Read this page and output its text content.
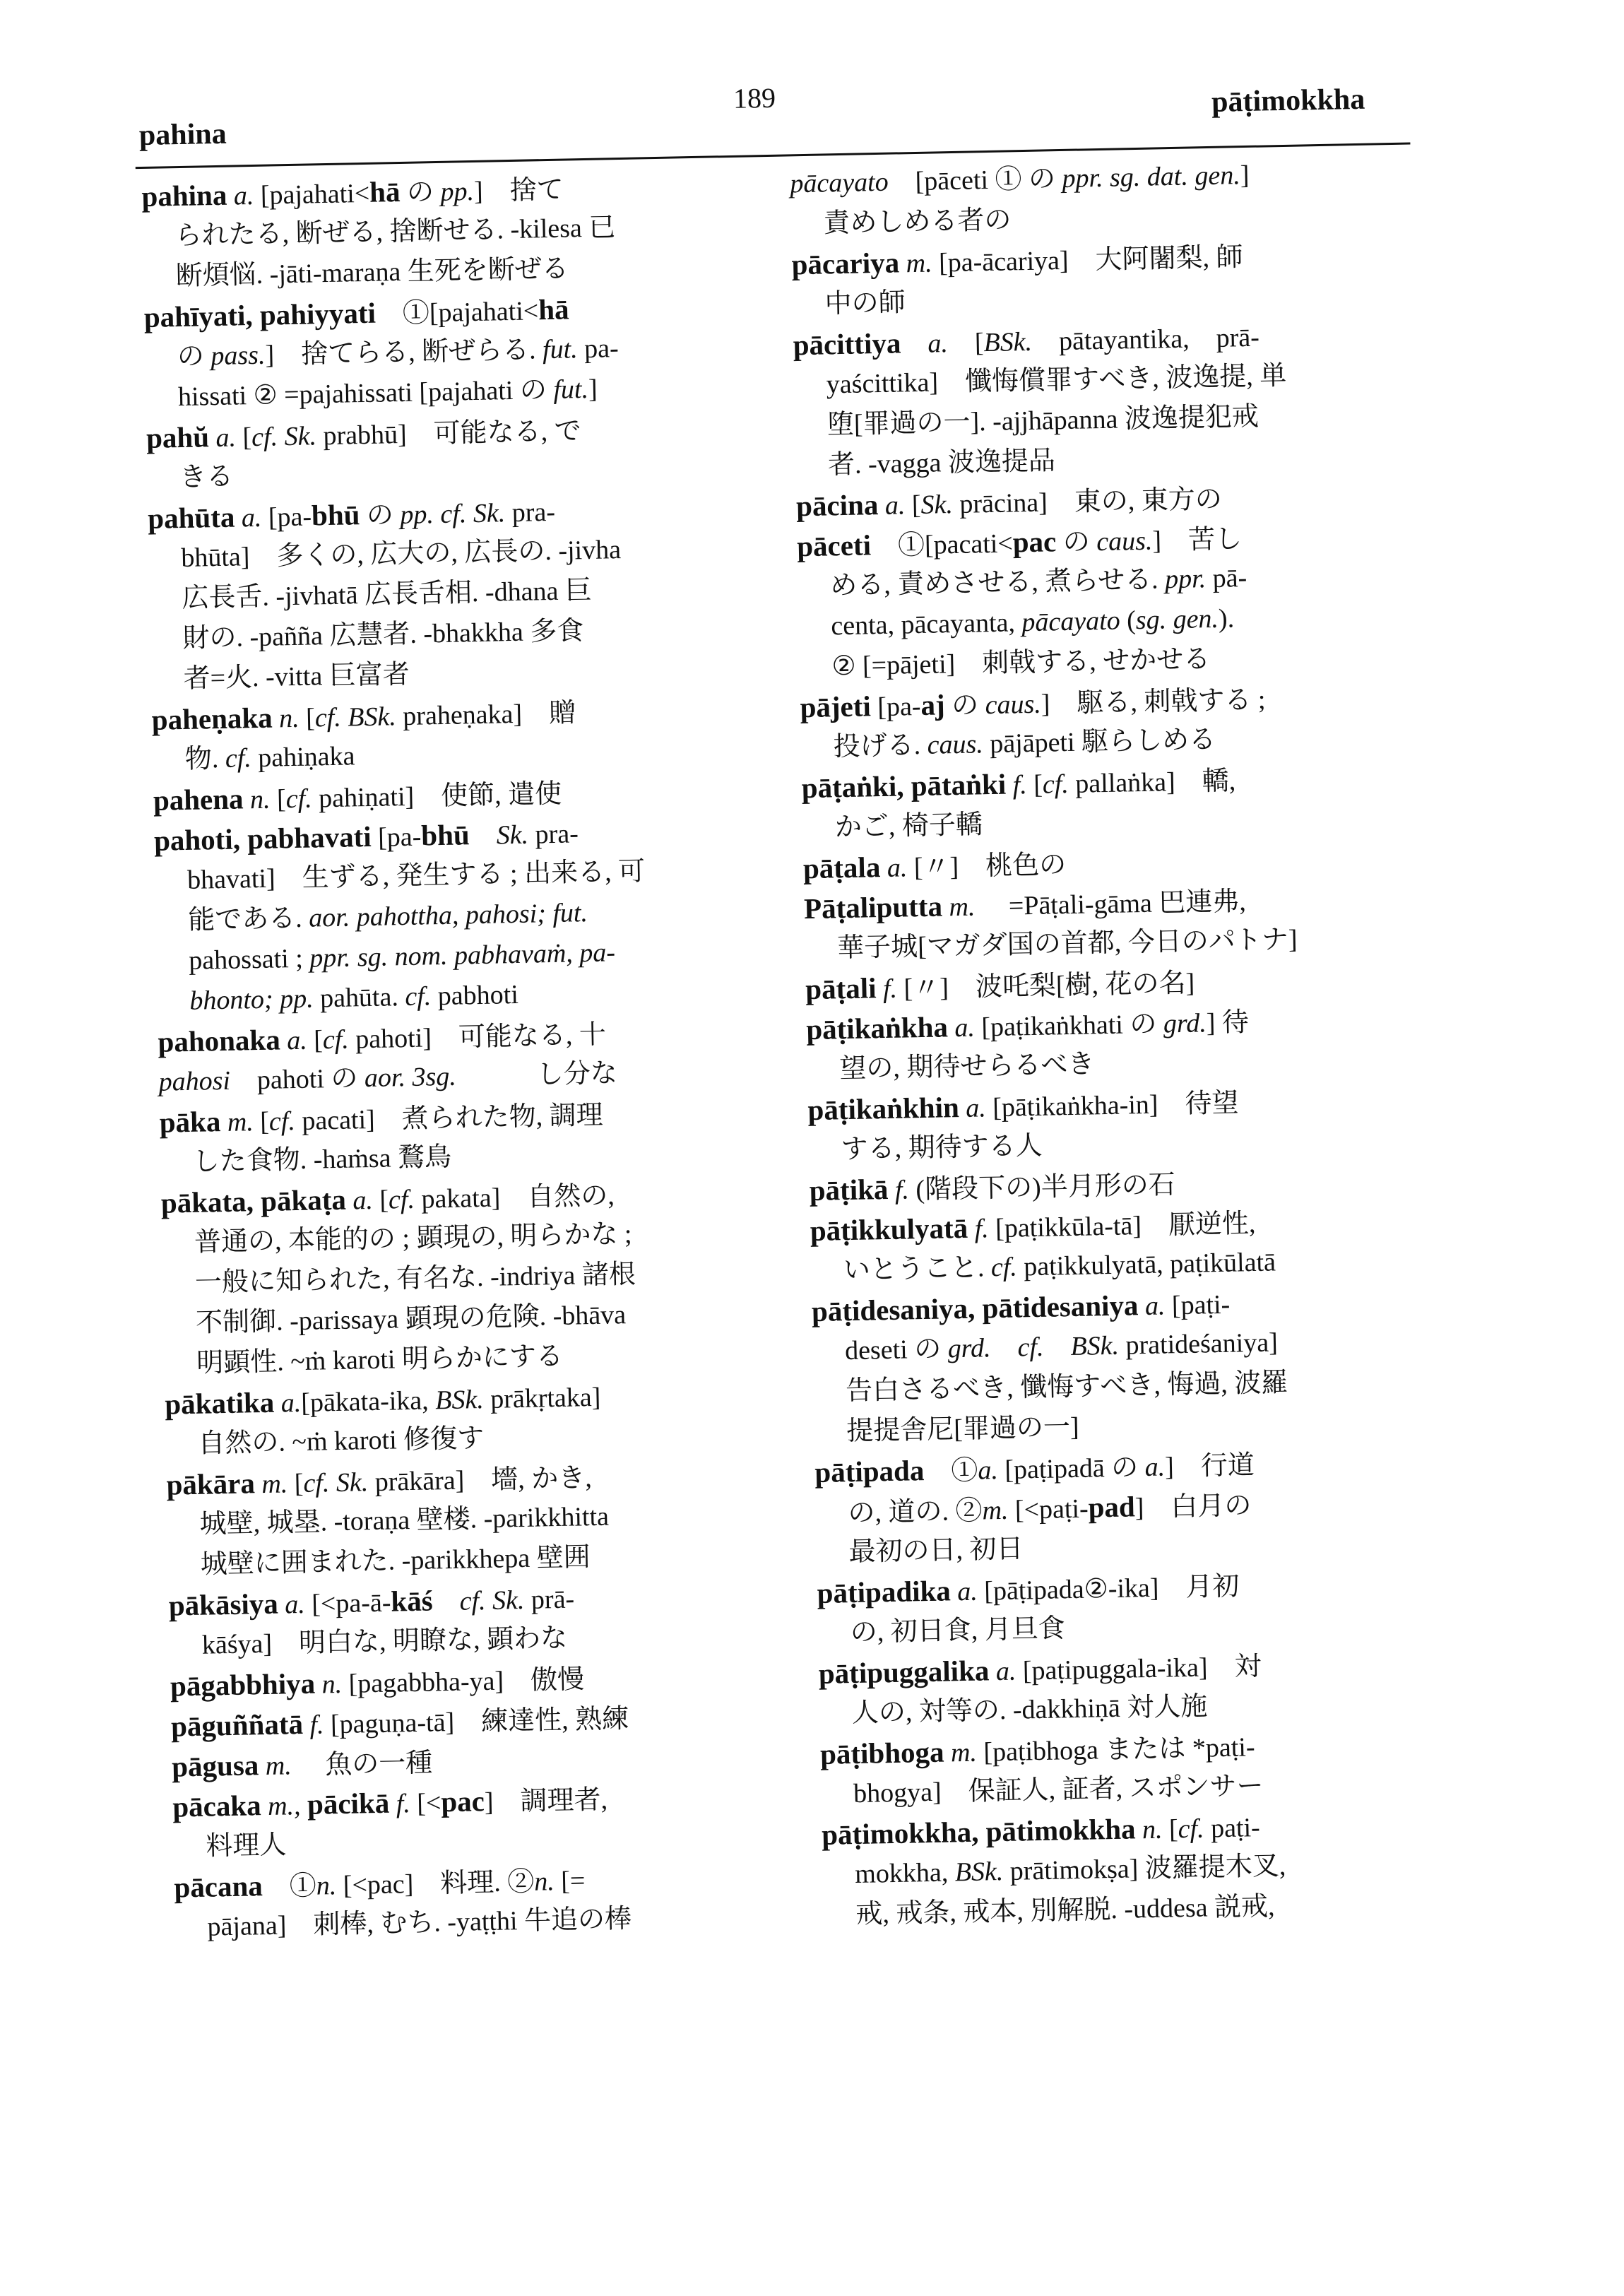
pahina
189	pāṭimokkha
pahina a. [pajahati<hā の pp.]　捨て
られたる, 断ぜる, 捨断せる. -kilesa 已
断煩悩. -jāti-maraṇa 生死を断ぜる
pahīyati, pahiyyati　①[pajahati<hā
の pass.]　捨てらる, 断ぜらる. fut. pa-
hissati ② =pajahissati [pajahati の fut.]
pahŭ a. [cf. Sk. prabhū]　可能なる, で
きる
pahūta a. [pa-bhū の pp. cf. Sk. pra-
bhūta]　多くの, 広大の, 広長の. -jivha
広長舌. -jivhatā 広長舌相. -dhana 巨
財の. -pañña 広慧者. -bhakkha 多食
者=火. -vitta 巨富者
paheṇaka n. [cf. BSk. praheṇaka]　贈
物. cf. pahiṇaka
pahena n. [cf. pahiṇati]　使節, 遣使
pahoti, pabhavati [pa-bhū　Sk. pra-
bhavati]　生ずる, 発生する ; 出来る, 可
能である. aor. pahottha, pahosi; fut.
pahossati ; ppr. sg. nom. pabhavaṁ, pa-
bhonto; pp. pahūta. cf. pabhoti
pahonaka a. [cf. pahoti]　可能なる, 十
pahosi　pahoti の aor. 3sg.　　　し分な
pāka m. [cf. pacati]　煮られた物, 調理
した食物. -haṁsa 鶩鳥
pākata, pākaṭa a. [cf. pakata]　自然の,
普通の, 本能的の ; 顕現の, 明らかな ;
一般に知られた, 有名な. -indriya 諸根
不制御. -parissaya 顕現の危険. -bhāva
明顕性. ~ṁ karoti 明らかにする
pākatika a.[pākata-ika, BSk. prākṛtaka]
自然の. ~ṁ karoti 修復す
pākāra m. [cf. Sk. prākāra]　墻, かき,
城壁, 城塁. -toraṇa 壁楼. -parikkhitta
城壁に囲まれた. -parikkhepa 壁囲
pākāsiya a. [<pa-ā-kāś　cf. Sk. prā-
kāśya]　明白な, 明瞭な, 顕わな
pāgabbhiya n. [pagabbha-ya]　傲慢
pāguññatā f. [paguṇa-tā]　練達性, 熟練
pāgusa m. 　魚の一種
pācaka m., pācikā f. [<pac]　調理者,
料理人
pācana　①n. [<pac]　料理. ②n. [=
pājana]　刺棒, むち. -yaṭṭhi 牛追の棒
pācayato　[pāceti ① の ppr. sg. dat. gen.]
責めしめる者の
pācariya m. [pa-ācariya]　大阿闍梨, 師
中の師
pācittiya　a.　[BSk.　pātayantika,　prā-
yaścittika]　懺悔償罪すべき, 波逸提, 単
堕[罪過の一]. -ajjhāpanna 波逸提犯戒
者. -vagga 波逸提品
pācina a. [Sk. prācina]　東の, 東方の
pāceti　①[pacati<pac の caus.]　苦し
める, 責めさせる, 煮らせる. ppr. pā-
centa, pācayanta, pācayato (sg. gen.).
② [=pājeti]　刺戟する, せかせる
pājeti [pa-aj の caus.]　駆る, 刺戟する ;
投げる. caus. pājāpeti 駆らしめる
pāṭaṅki, pātaṅki f. [cf. pallaṅka]　轎,
かご, 椅子轎
pāṭala a. [〃]　桃色の
Pāṭaliputta m. 　=Pāṭali-gāma 巴連弗,
華子城[マガダ国の首都, 今日のパトナ]
pāṭali f. [〃]　波吒梨[樹, 花の名]
pāṭikaṅkha a. [paṭikaṅkhati の grd.] 待
望の, 期待せらるべき
pāṭikaṅkhin a. [pāṭikaṅkha-in]　待望
する, 期待する人
pāṭikā f. (階段下の)半月形の石
pāṭikkulyatā f. [paṭikkūla-tā]　厭逆性,
いとうこと. cf. paṭikkulyatā, paṭikūlatā
pāṭidesaniya, pātidesaniya a. [paṭi-
deseti の grd.　cf.　BSk. pratideśaniya]
告白さるべき, 懺悔すべき, 悔過, 波羅
提提舎尼[罪過の一]
pāṭipada　①a. [paṭipadā の a.]　行道
の, 道の. ②m. [<paṭi-pad]　白月の
最初の日, 初日
pāṭipadika a. [pāṭipada②-ika]　月初
の, 初日食, 月旦食
pāṭipuggalika a. [paṭipuggala-ika]　対
人の, 対等の. -dakkhiṇā 対人施
pāṭibhoga m. [paṭibhoga または *paṭi-
bhogya]　保証人, 証者, スポンサー
pāṭimokkha, pātimokkha n. [cf. paṭi-
mokkha, BSk. prātimokṣa] 波羅提木叉,
戒, 戒条, 戒本, 別解脱. -uddesa 説戒,
